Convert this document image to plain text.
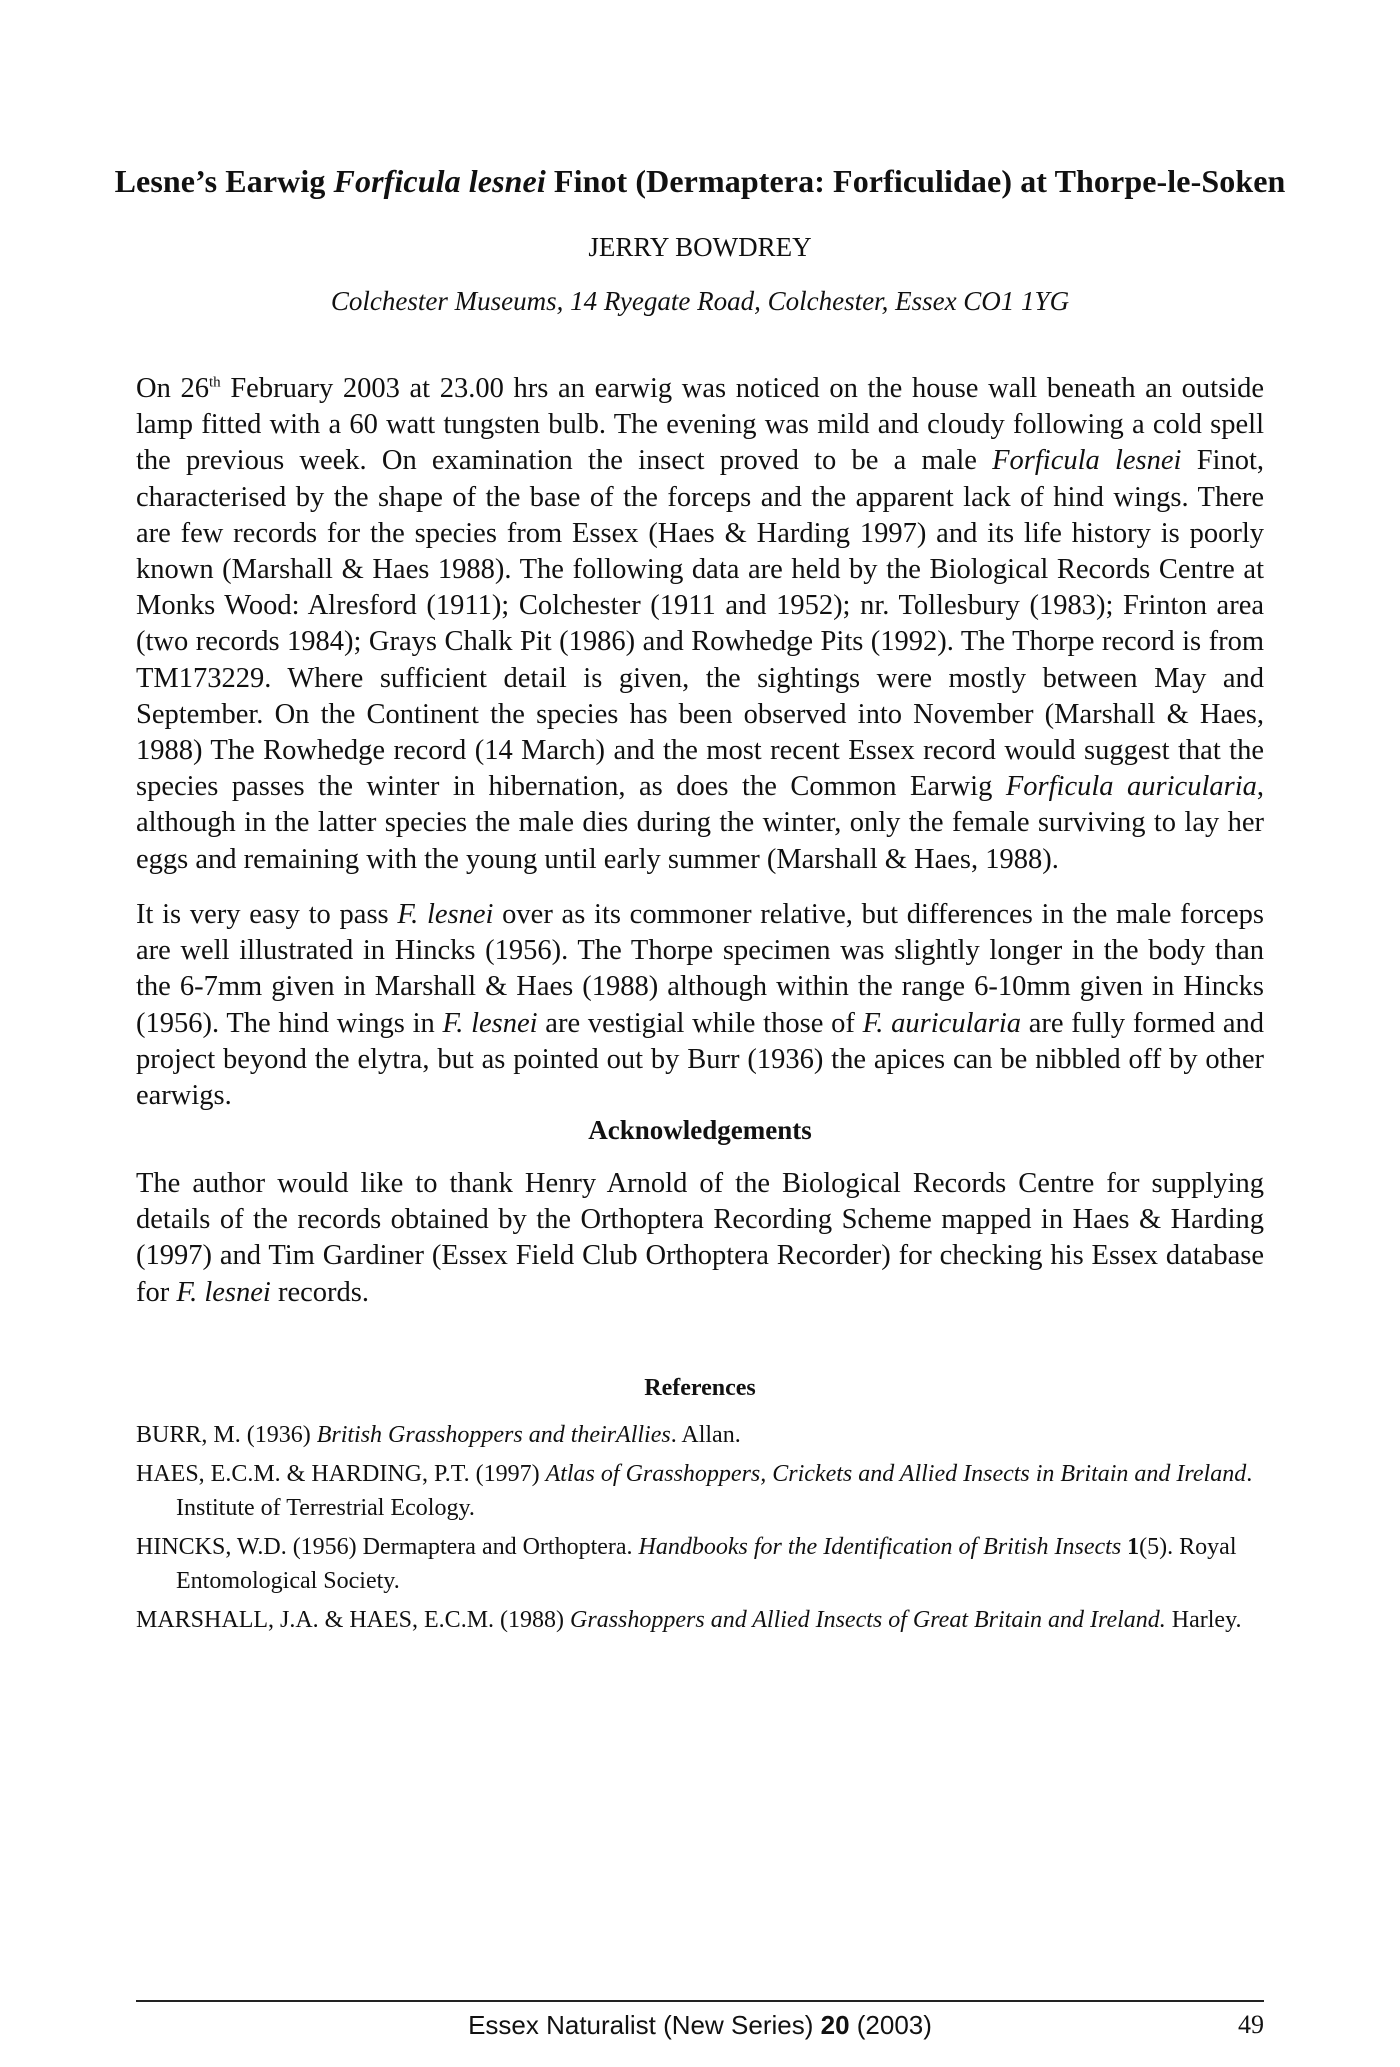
Lesne’s Earwig Forficula lesnei Finot (Dermaptera: Forficulidae) at Thorpe-le-Soken
JERRY BOWDREY
Colchester Museums, 14 Ryegate Road, Colchester, Essex CO1 1YG
On 26th February 2003 at 23.00 hrs an earwig was noticed on the house wall beneath an outside lamp fitted with a 60 watt tungsten bulb. The evening was mild and cloudy following a cold spell the previous week. On examination the insect proved to be a male Forficula lesnei Finot, characterised by the shape of the base of the forceps and the apparent lack of hind wings. There are few records for the species from Essex (Haes & Harding 1997) and its life history is poorly known (Marshall & Haes 1988). The following data are held by the Biological Records Centre at Monks Wood: Alresford (1911); Colchester (1911 and 1952); nr. Tollesbury (1983); Frinton area (two records 1984); Grays Chalk Pit (1986) and Rowhedge Pits (1992). The Thorpe record is from TM173229. Where sufficient detail is given, the sightings were mostly between May and September. On the Continent the species has been observed into November (Marshall & Haes, 1988) The Rowhedge record (14 March) and the most recent Essex record would suggest that the species passes the winter in hibernation, as does the Common Earwig Forficula auricularia, although in the latter species the male dies during the winter, only the female surviving to lay her eggs and remaining with the young until early summer (Marshall & Haes, 1988).
It is very easy to pass F. lesnei over as its commoner relative, but differences in the male forceps are well illustrated in Hincks (1956). The Thorpe specimen was slightly longer in the body than the 6-7mm given in Marshall & Haes (1988) although within the range 6-10mm given in Hincks (1956). The hind wings in F. lesnei are vestigial while those of F. auricularia are fully formed and project beyond the elytra, but as pointed out by Burr (1936) the apices can be nibbled off by other earwigs.
Acknowledgements
The author would like to thank Henry Arnold of the Biological Records Centre for supplying details of the records obtained by the Orthoptera Recording Scheme mapped in Haes & Harding (1997) and Tim Gardiner (Essex Field Club Orthoptera Recorder) for checking his Essex database for F. lesnei records.
References

BURR, M. (1936) British Grasshoppers and theirAllies. Allan.

HAES, E.C.M. & HARDING, P.T. (1997) Atlas of Grasshoppers, Crickets and Allied Insects in Britain and Ireland. Institute of Terrestrial Ecology.

HINCKS, W.D. (1956) Dermaptera and Orthoptera. Handbooks for the Identification of British Insects 1(5). Royal Entomological Society.

MARSHALL, J.A. & HAES, E.C.M. (1988) Grasshoppers and Allied Insects of Great Britain and Ireland. Harley.

Essex Naturalist (New Series) 20 (2003)	49
